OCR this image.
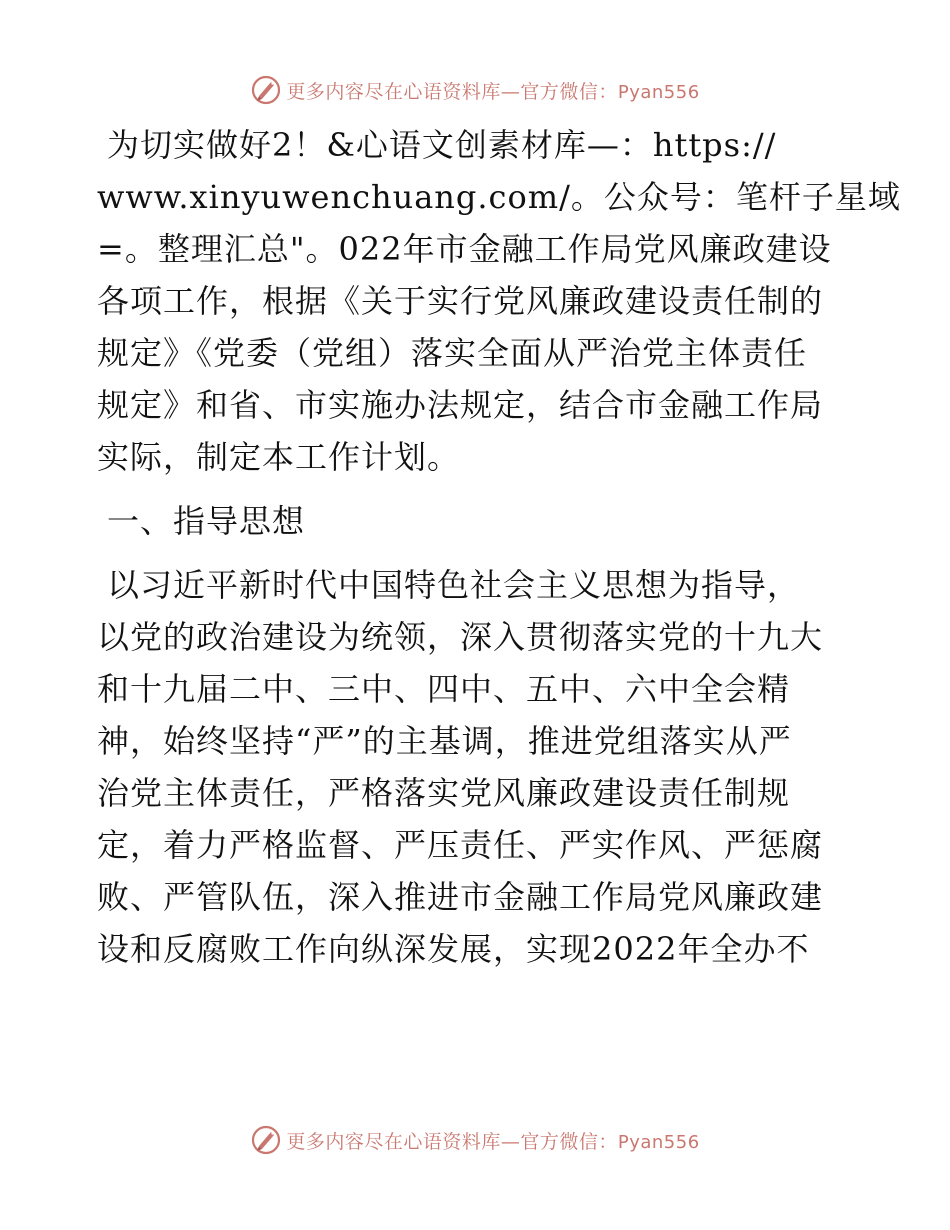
更多内容尽在心语资料库—官方微信：Pyan556
为切实做好2！&心语文创素材库—：https://
www.xinyuwenchuang.com/。公众号：笔杆子星域
=。整理汇总"。022年市金融工作局党风廉政建设
各项工作，根据《关于实行党风廉政建设责任制的
规定》《党委（党组）落实全面从严治党主体责任
规定》和省、市实施办法规定，结合市金融工作局
实际，制定本工作计划。
一、指导思想
以习近平新时代中国特色社会主义思想为指导，
以党的政治建设为统领，深入贯彻落实党的十九大
和十九届二中、三中、四中、五中、六中全会精
神，始终坚持“严”的主基调，推进党组落实从严
治党主体责任，严格落实党风廉政建设责任制规
定，着力严格监督、严压责任、严实作风、严惩腐
败、严管队伍，深入推进市金融工作局党风廉政建
设和反腐败工作向纵深发展，实现2022年全办不
更多内容尽在心语资料库—官方微信：Pyan556
